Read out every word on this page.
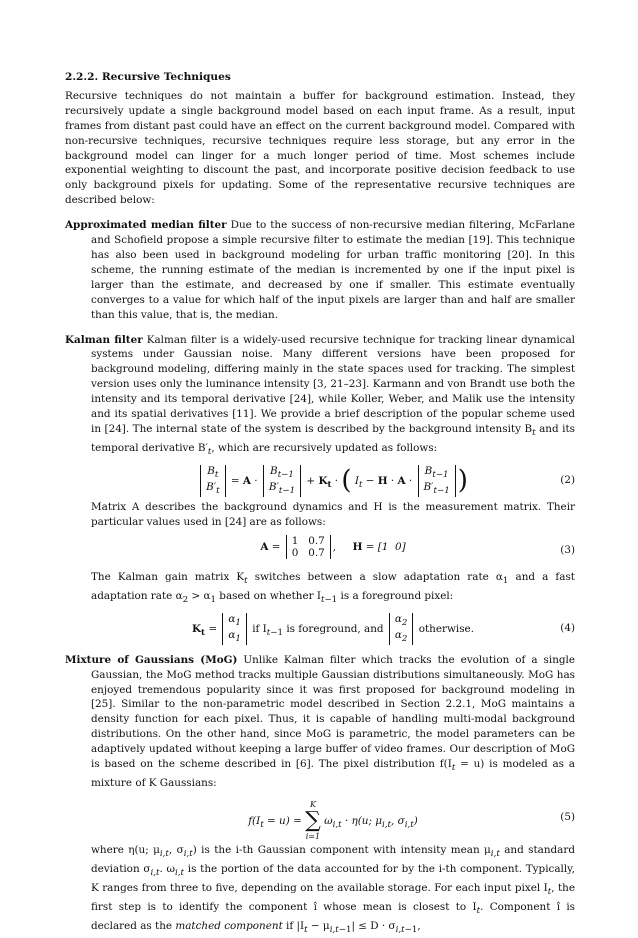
2.2.2. Recursive Techniques

Recursive techniques do not maintain a buffer for background estimation. Instead, they recursively update a single background model based on each input frame. As a result, input frames from distant past could have an effect on the current background model. Compared with non-recursive techniques, recursive techniques require less storage, but any error in the background model can linger for a much longer period of time. Most schemes include exponential weighting to discount the past, and incorporate positive decision feedback to use only background pixels for updating. Some of the representative recursive techniques are described below:

Approximated median filter Due to the success of non-recursive median filtering, McFarlane and Schofield propose a simple recursive filter to estimate the median [19]. This technique has also been used in background modeling for urban traffic monitoring [20]. In this scheme, the running estimate of the median is incremented by one if the input pixel is larger than the estimate, and decreased by one if smaller. This estimate eventually converges to a value for which half of the input pixels are larger than and half are smaller than this value, that is, the median.
Kalman filter Kalman filter is a widely-used recursive technique for tracking linear dynamical systems under Gaussian noise. Many different versions have been proposed for background modeling, differing mainly in the state spaces used for tracking. The simplest version uses only the luminance intensity [3, 21–23]. Karmann and von Brandt use both the intensity and its temporal derivative [24], while Koller, Weber, and Malik use the intensity and its spatial derivatives [11]. We provide a brief description of the popular scheme used in [24]. The internal state of the system is described by the background intensity $B_t$ and its temporal derivative $B'_t$, which are recursively updated as follows:
$B_t$
$B'_t$
= A ·
$B_{t-1}$
$B'_{t-1}$
+ $K_t$ · ( $I_t - H \cdot A$ ·
$B_{t-1}$
$B'_{t-1}$ )	(2)

Matrix A describes the background dynamics and H is the measurement matrix. Their particular values used in [24] are as follows:

A = 1   0.7
0   0.7 ,     H = [1  0]	(3)

The Kalman gain matrix $K_t$ switches between a slow adaptation rate $\alpha_1$ and a fast adaptation rate $\alpha_2 > \alpha_1$ based on whether $I_{t-1}$ is a foreground pixel:

$K_t$ =
$\alpha_1$
$\alpha_1$
if $I_{t-1}$ is foreground, and
$\alpha_2$
$\alpha_2$
otherwise.	(4)
Mixture of Gaussians (MoG) Unlike Kalman filter which tracks the evolution of a single Gaussian, the MoG method tracks multiple Gaussian distributions simultaneously. MoG has enjoyed tremendous popularity since it was first proposed for background modeling in [25]. Similar to the non-parametric model described in Section 2.2.1, MoG maintains a density function for each pixel. Thus, it is capable of handling multi-modal background distributions. On the other hand, since MoG is parametric, the model parameters can be adaptively updated without keeping a large buffer of video frames. Our description of MoG is based on the scheme described in [6]. The pixel distribution $f(I_t = u)$ is modeled as a mixture of K Gaussians:
$f(I_t = u)$ =
K
∑
i=1
$\omega_{i,t} \cdot \eta(u$; $\mu_{i,t}$, $\sigma_{i,t}$)	(5)

where η(u; $\mu_{i,t}$, $\sigma_{i,t}$) is the i-th Gaussian component with intensity mean $\mu_{i,t}$ and standard deviation $\sigma_{i,t}$. $\omega_{i,t}$ is the portion of the data accounted for by the i-th component. Typically, K ranges from three to five, depending on the available storage. For each input pixel $I_t$, the first step is to identify the component î whose mean is closest to $I_t$. Component î is declared as the matched component if $|I_t - \mu_{i,t-1}| \le D \cdot \sigma_{i,t-1}$,
